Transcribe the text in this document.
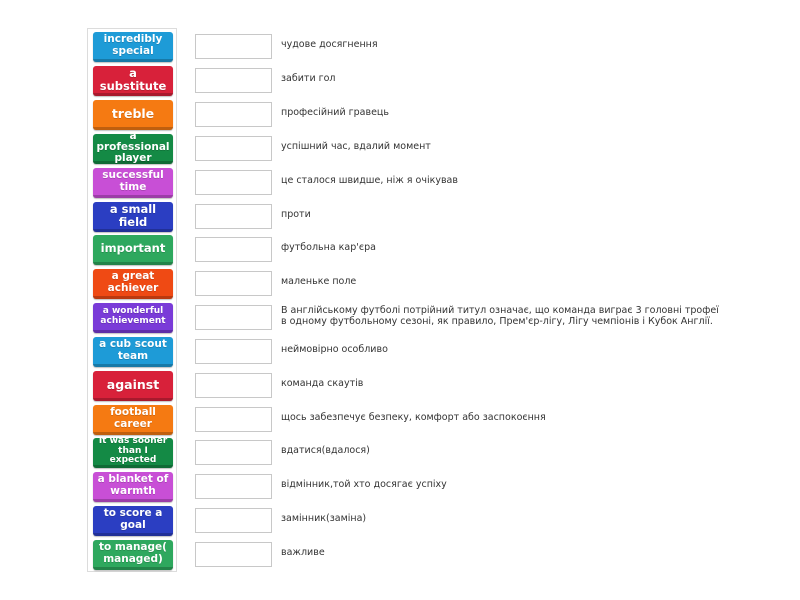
incredibly special
a substitute
treble
a professional player
successful time
a small field
important
a great achiever
a wonderful achievement
a cub scout team
against
football career
It was sooner than I expected
a blanket of warmth
to score a goal
to manage( managed)
чудове досягнення
забити гол
професійний гравець
успішний час, вдалий момент
це сталося швидше, ніж я очікував
проти
футбольна кар'єра
маленьке поле
В англійському футболі потрійний титул означає, що команда виграє 3 головні трофеї в одному футбольному сезоні, як правило, Прем'єр-лігу, Лігу чемпіонів і Кубок Англії.
неймовірно особливо
команда скаутів
щось забезпечує безпеку, комфорт або заспокоєння
вдатися(вдалося)
відмінник,той хто досягає успіху
замінник(заміна)
важливе
